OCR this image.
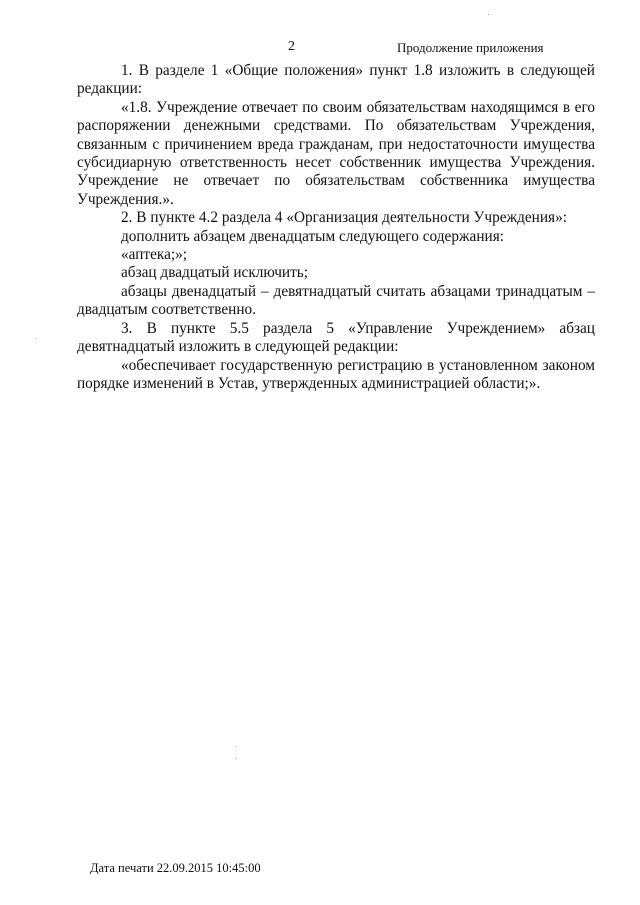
2	Продолжение приложения
1. В разделе 1 «Общие положения» пункт 1.8 изложить в следующей
редакции:
«1.8. Учреждение отвечает по своим обязательствам находящимся в его
распоряжении денежными средствами. По обязательствам Учреждения, связанным с причинением вреда гражданам, при недостаточности имущества субсидиарную ответственность несет собственник имущества Учреждения. Учреждение не отвечает по обязательствам собственника имущества Учреждения.».
2. В пункте 4.2 раздела 4 «Организация деятельности Учреждения»:
дополнить абзацем двенадцатым следующего содержания:
«аптека;»;
абзац двадцатый исключить;
абзацы двенадцатый – девятнадцатый считать абзацами тринадцатым –
двадцатым соответственно.
3. В пункте 5.5 раздела 5 «Управление Учреждением» абзац
девятнадцатый изложить в следующей редакции:
«обеспечивает государственную регистрацию в установленном законом
порядке изменений в Устав, утвержденных администрацией области;».
Дата печати 22.09.2015 10:45:00
